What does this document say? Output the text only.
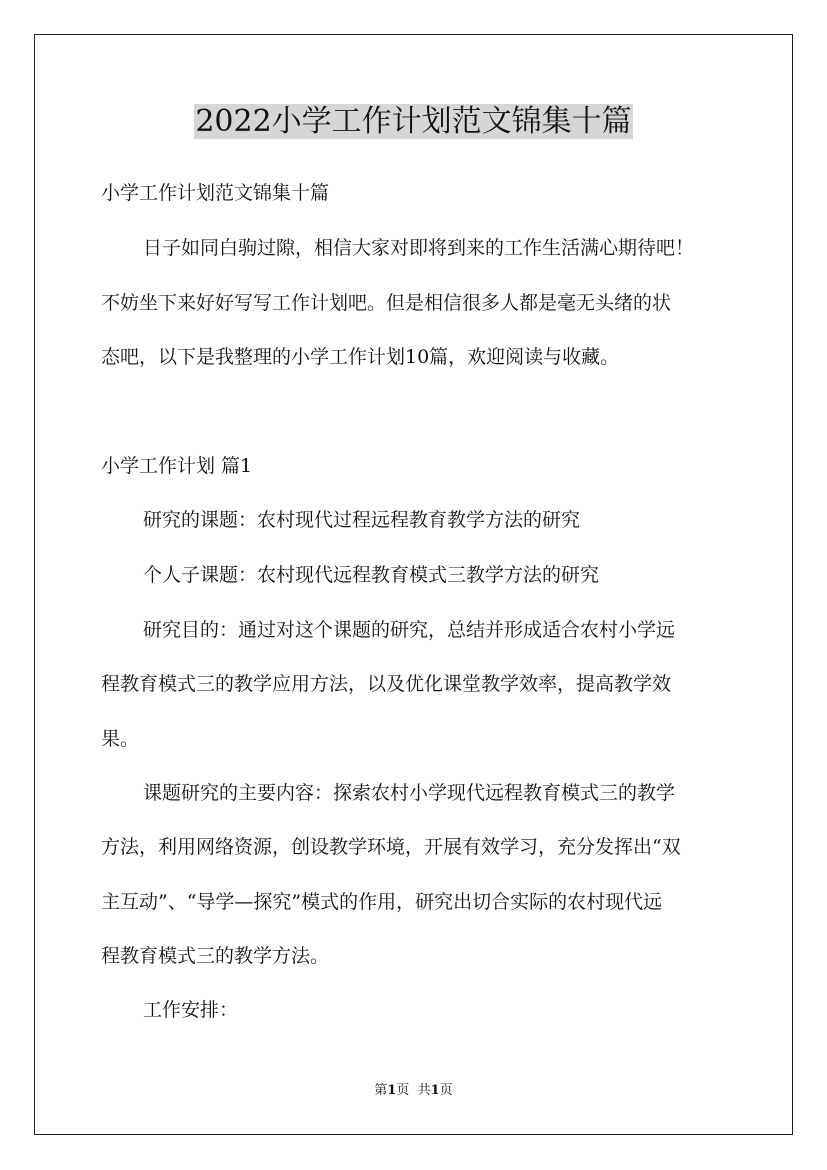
2022小学工作计划范文锦集十篇
小学工作计划范文锦集十篇
日子如同白驹过隙，相信大家对即将到来的工作生活满心期待吧！
不妨坐下来好好写写工作计划吧。但是相信很多人都是毫无头绪的状
态吧，以下是我整理的小学工作计划10篇，欢迎阅读与收藏。
小学工作计划 篇1
研究的课题：农村现代过程远程教育教学方法的研究
个人子课题：农村现代远程教育模式三教学方法的研究
研究目的：通过对这个课题的研究，总结并形成适合农村小学远
程教育模式三的教学应用方法，以及优化课堂教学效率，提高教学效
果。
课题研究的主要内容：探索农村小学现代远程教育模式三的教学
方法，利用网络资源，创设教学环境，开展有效学习，充分发挥出“双
主互动”、“导学—探究”模式的作用，研究出切合实际的农村现代远
程教育模式三的教学方法。
工作安排：
第1页 共1页
